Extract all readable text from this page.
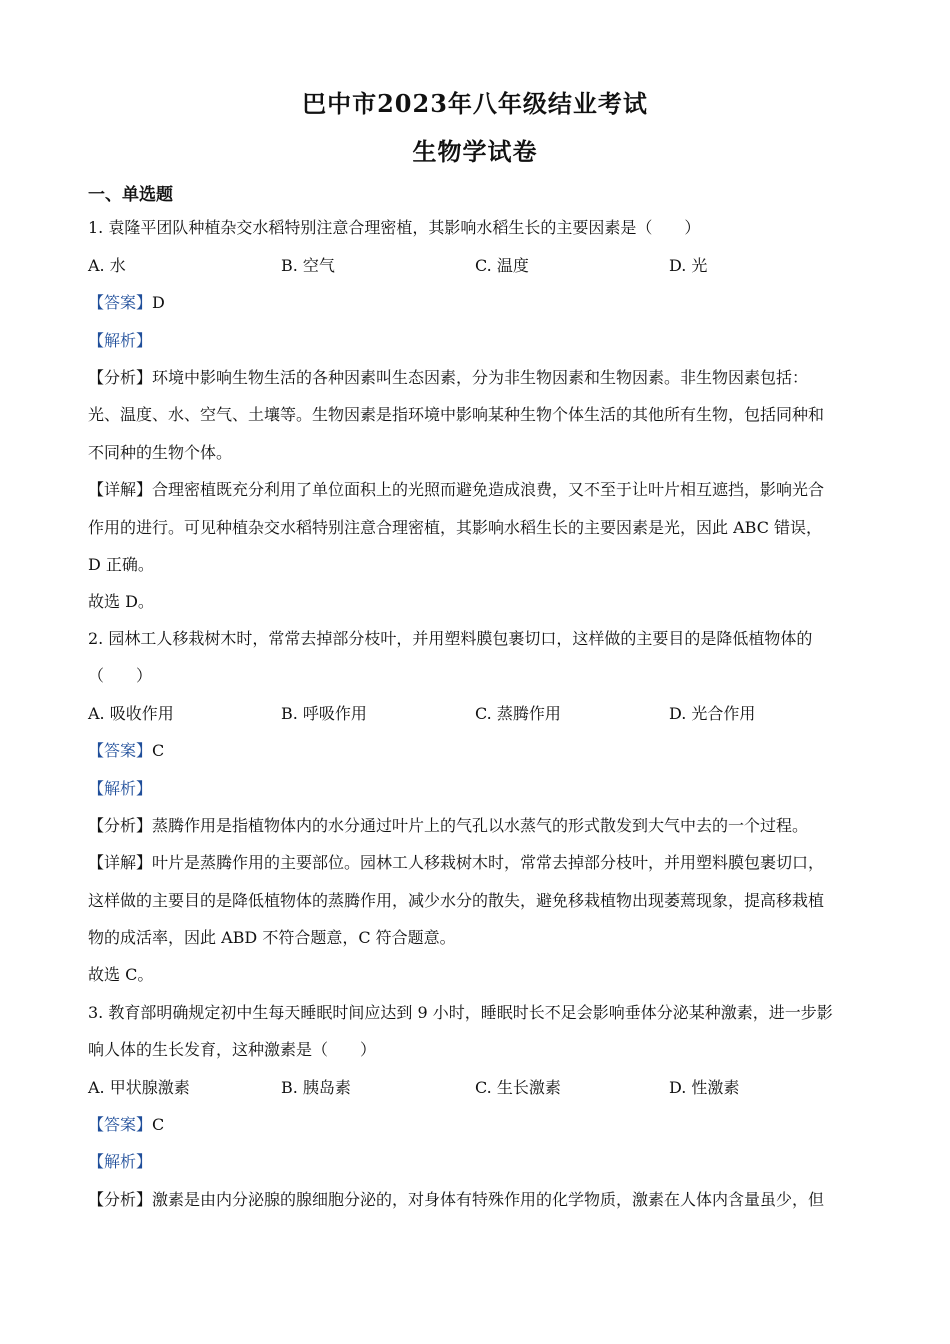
巴中市2023年八年级结业考试
生物学试卷
一、单选题
1. 袁隆平团队种植杂交水稻特别注意合理密植，其影响水稻生长的主要因素是（　　）
A. 水	B. 空气	C. 温度	D. 光
【答案】D
【解析】
【分析】环境中影响生物生活的各种因素叫生态因素，分为非生物因素和生物因素。非生物因素包括：
光、温度、水、空气、土壤等。生物因素是指环境中影响某种生物个体生活的其他所有生物，包括同种和
不同种的生物个体。
【详解】合理密植既充分利用了单位面积上的光照而避免造成浪费，又不至于让叶片相互遮挡，影响光合
作用的进行。可见种植杂交水稻特别注意合理密植，其影响水稻生长的主要因素是光，因此 ABC 错误，
D 正确。
故选 D。
2. 园林工人移栽树木时，常常去掉部分枝叶，并用塑料膜包裹切口，这样做的主要目的是降低植物体的
（　　）
A. 吸收作用	B. 呼吸作用	C. 蒸腾作用	D. 光合作用
【答案】C
【解析】
【分析】蒸腾作用是指植物体内的水分通过叶片上的气孔以水蒸气的形式散发到大气中去的一个过程。
【详解】叶片是蒸腾作用的主要部位。园林工人移栽树木时，常常去掉部分枝叶，并用塑料膜包裹切口，
这样做的主要目的是降低植物体的蒸腾作用，减少水分的散失，避免移栽植物出现萎蔫现象，提高移栽植
物的成活率，因此 ABD 不符合题意，C 符合题意。
故选 C。
3. 教育部明确规定初中生每天睡眠时间应达到 9 小时，睡眠时长不足会影响垂体分泌某种激素，进一步影
响人体的生长发育，这种激素是（　　）
A. 甲状腺激素	B. 胰岛素	C. 生长激素	D. 性激素
【答案】C
【解析】
【分析】激素是由内分泌腺的腺细胞分泌的，对身体有特殊作用的化学物质，激素在人体内含量虽少，但
